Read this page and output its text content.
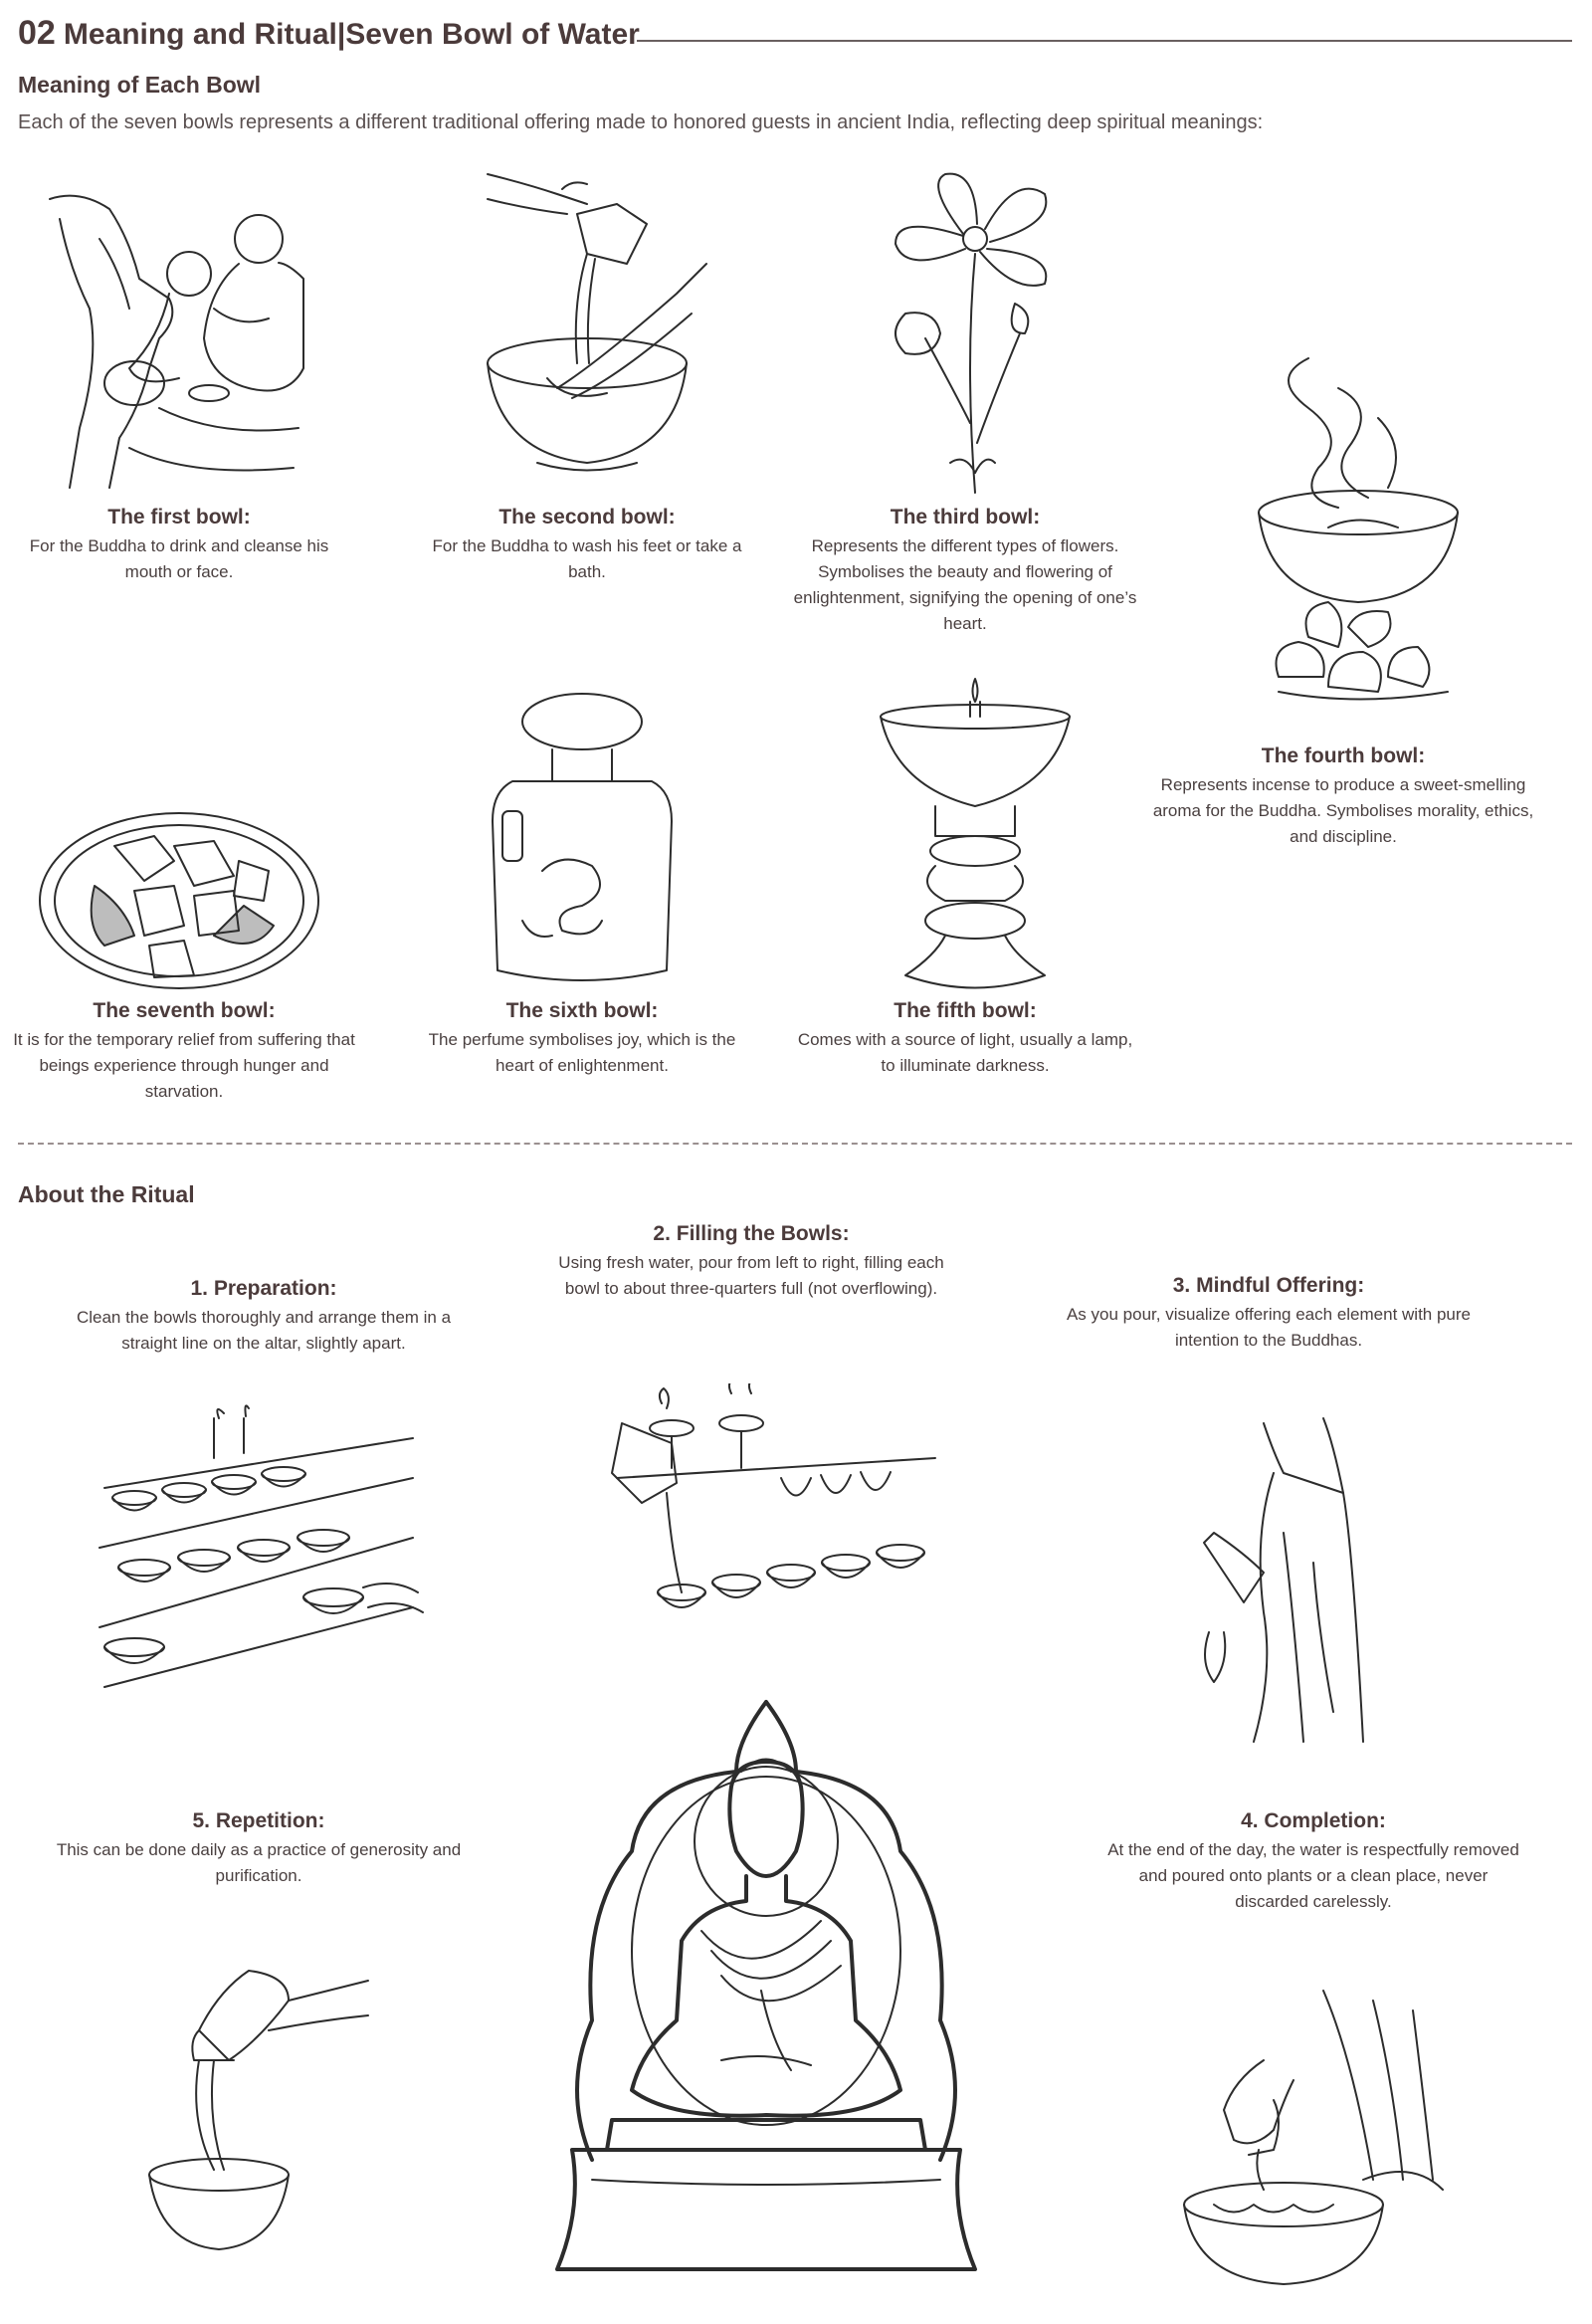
02 Meaning and Ritual|Seven Bowl of Water
Meaning of Each Bowl
Each of the seven bowls represents a different traditional offering made to honored guests in ancient India, reflecting deep spiritual meanings:
The first bowl:
For the Buddha to drink and cleanse his mouth or face.
The second bowl:
For the Buddha to wash his feet or take a bath.
The third bowl:
Represents the different types of flowers. Symbolises the beauty and flowering of enlightenment, signifying the opening of one’s heart.
The fourth bowl:
Represents incense to produce a sweet-smelling aroma for the Buddha. Symbolises morality, ethics, and discipline.
The fifth bowl:
Comes with a source of light, usually a lamp, to illuminate darkness.
The sixth bowl:
The perfume symbolises joy, which is the heart of enlightenment.
The seventh bowl:
It is for the temporary relief from suffering that beings experience through hunger and starvation.
About the Ritual
1. Preparation:
Clean the bowls thoroughly and arrange them in a straight line on the altar, slightly apart.
2. Filling the Bowls:
Using fresh water, pour from left to right, filling each bowl to about three-quarters full (not overflowing).	3. Mindful Offering:
As you pour, visualize offering each element with pure intention to the Buddhas.
5. Repetition:
This can be done daily as a practice of generosity and purification.
4. Completion:
At the end of the day, the water is respectfully removed and poured onto plants or a clean place, never discarded carelessly.
